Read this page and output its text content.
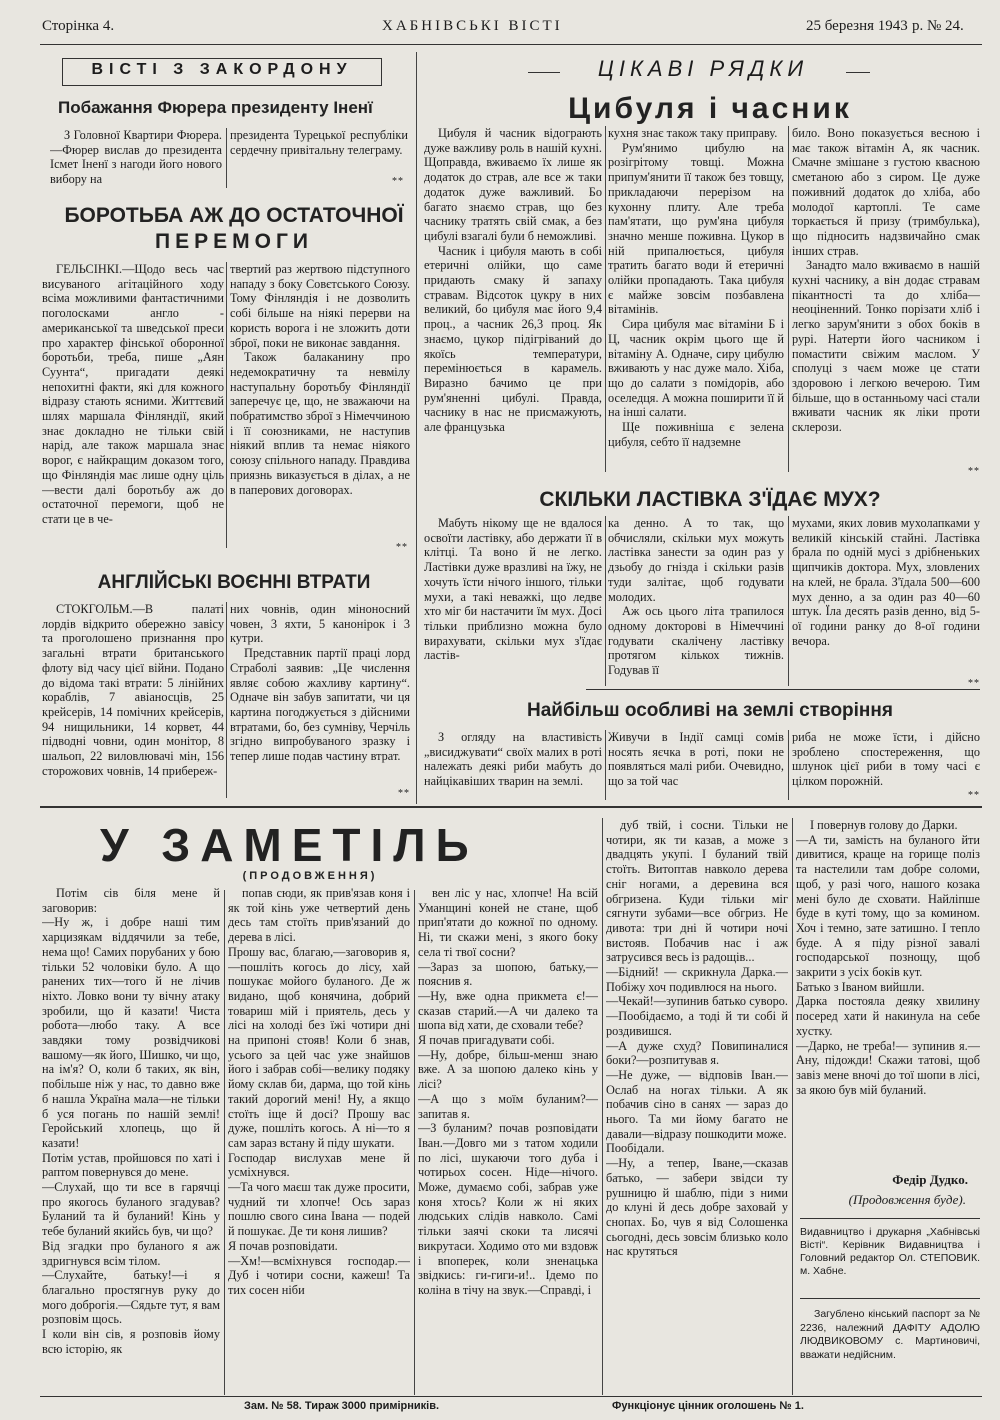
Сторінка 4.	ХАБНІВСЬКІ ВІСТІ	25 березня 1943 р. № 24.
ВІСТІ З ЗАКОРДОНУ
Побажання Фюрера президенту Іненї

З Головної Квартири Фюрера.—Фюрер вислав до президента Ісмет Іненї з нагоди його нового вибору на

президента Турецької республіки сердечну привітальну телеграму.

**
БОРОТЬБА АЖ ДО ОСТАТОЧНОЇ
ПЕРЕМОГИ

ГЕЛЬСІНКІ.—Щодо весь час висуваного агітаційного ходу всіма можливими фантастичними поголосками англо - американської та шведської преси про характер фінської оборонної боротьби, треба, пише „Аян Суунта“, пригадати деякі непохитні факти, які для кожного відразу стають ясними. Життєвий шлях маршала Фінляндії, який знає докладно не тільки свій нарід, але також маршала знає ворог, є найкращим доказом того, що Фінляндія має лише одну ціль—вести далі боротьбу аж до остаточної перемоги, щоб не стати це в че-

твертий раз жертвою підступного нападу з боку Совєтського Союзу. Тому Фінляндія і не дозволить собі більше на ніякі перерви на користь ворога і не зложить доти зброї, поки не виконає завдання.

Також балаканину про недемократичну та невмілу наступальну боротьбу Фінляндії заперечує це, що, не зважаючи на побратимство зброї з Німеччиною і її союзниками, не наступив ніякий вплив та немає ніякого союзу спільного нападу. Правдива приязнь виказується в ділах, а не в паперових договорах.

**
АНГЛІЙСЬКІ ВОЄННІ ВТРАТИ

СТОКГОЛЬМ.—В палаті лордів відкрито обережно завісу та проголошено признання про загальні втрати британського флоту від часу цієї війни. Подано до відома такі втрати: 5 лінійних кораблів, 7 авіаносців, 25 крейсерів, 14 помічних крейсерів, 94 нищильники, 14 корвет, 44 підводні човни, один монітор, 8 шальоп, 22 виловлювачі мін, 156 сторожових човнів, 14 прибереж-

них човнів, один міноносний човен, 3 яхти, 5 канонірок і 3 кутри.

Представник партії праці лорд Страболі заявив: „Це числення являє собою жахливу картину“. Одначе він забув запитати, чи ця картина погоджується з дійсними втратами, бо, без сумніву, Черчіль згідно випробуваного зразку і тепер лише подав частину втрат.

**
ЦІКАВІ РЯДКИ
Цибуля і часник

Цибуля й часник відограють дуже важливу роль в нашій кухні. Щоправда, вживаємо їх лише як додаток до страв, але все ж таки додаток дуже важливий. Бо багато знаємо страв, що без часнику тратять свій смак, а без цибулі взагалі були б неможливі.

Часник і цибуля мають в собі етеричні олійки, що саме придають смаку й запаху стравам. Відсоток цукру в них великий, бо цибуля має його 9,4 проц., а часник 26,3 проц. Як знаємо, цукор підігріваний до якоїсь температури, перемінюється в карамель. Виразно бачимо це при рум'яненні цибулі. Правда, часнику в нас не присмажують, але французька

кухня знає також таку приправу.

Рум'янимо цибулю на розігрітому товщі. Можна припум'янити її також без товщу, прикладаючи перерізом на кухонну плиту. Але треба пам'ятати, що рум'яна цибуля значно менше поживна. Цукор в ній припалюється, цибуля тратить багато води й етеричні олійки пропадають. Така цибуля є майже зовсім позбавлена вітамінів.

Сира цибуля має вітаміни Б і Ц, часник окрім цього ще й вітаміну А. Одначе, сиру цибулю вживають у нас дуже мало. Хіба, що до салати з помідорів, або оселедця. А можна поширити її й на інші салати.

Ще поживніша є зелена цибуля, себто її надземне

било. Воно показується весною і має також вітамін А, як часник. Смачне змішане з густою квасною сметаною або з сиром. Це дуже поживний додаток до хліба, або молодої картоплі. Те саме торкається й призу (тримбулька), що підносить надзвичайно смак інших страв.

Занадто мало вживаємо в нашій кухні часнику, а він додає стравам пікантності та до хліба—неоціненний. Тонко порізати хліб і легко зарум'янити з обох боків в рурі. Натерти його часником і помастити свіжим маслом. У сполуці з чаєм може це стати здоровою і легкою вечерою. Тим більше, що в останньому часі стали вживати часник як ліки проти склерози.

**
СКІЛЬКИ ЛАСТІВКА З'ЇДАЄ МУХ?

Мабуть нікому ще не вдалося освоїти ластівку, або держати її в клітці. Та воно й не легко. Ластівки дуже вразливі на їжу, не хочуть їсти нічого іншого, тільки мухи, а такі неважкі, що ледве хто міг би настачити їм мух. Досі тільки приблизно можна було вирахувати, скільки мух з'їдає ластів-

ка денно. А то так, що обчисляли, скільки мух можуть ластівка занести за один раз у дзьобу до гнізда і скільки разів туди залітає, щоб годувати молодих.

Аж ось цього літа трапилося одному докторові в Німеччині годувати скалічену ластівку протягом кількох тижнів. Годував її

мухами, яких ловив мухолапками у великій кінській стайні. Ластівка брала по одній мусі з дрібненьких щипчиків доктора. Мух, зловлених на клей, не брала. З'їдала 500—600 мух денно, а за один раз 40—60 штук. Їла десять разів денно, від 5-ої години ранку до 8-ої години вечора.

**
Найбільш особливі на землі створіння

З огляду на властивість „висиджувати“ своїх малих в роті належать деякі риби мабуть до найцікавіших тварин на землі.

Живучи в Індії самці сомів носять яєчка в роті, поки не появляться малі риби. Очевидно, що за той час

риба не може їсти, і дійсно зроблено спостереження, що шлунок цієї риби в тому часі є цілком порожній.

**
У ЗАМЕТІЛЬ
(ПРОДОВЖЕННЯ)

Потім сів біля мене й заговорив:
—Ну ж, і добре наші тим харцизякам віддячили за тебе, нема що! Самих порубаних у бою тільки 52 чоловіки було. А що ранених тих—того й не лічив ніхто. Ловко вони ту вічну атаку зробили, що й казати! Чиста робота—любо таку. А все завдяки тому розвідчикові вашому—як його, Шишко, чи що, на ім'я? О, коли б таких, як він, побільше ніж у нас, то давно вже б нашла Україна мала—не тільки б уся погань по нашій землі! Геройський хлопець, що й казати!
Потім устав, пройшовся по хаті і раптом повернувся до мене.
—Слухай, що ти все в гарячці про якогось буланого згадував? Буланий та й буланий! Кінь у тебе буланий якийсь був, чи що?
Від згадки про буланого я аж здригнувся всім тілом.
—Слухайте, батьку!—і я благально простягнув руку до мого доброгія.—Сядьте тут, я вам розповім щось.
І коли він сів, я розповів йому всю історію, як

попав сюди, як прив'язав коня і як той кінь уже четвертий день десь там стоїть прив'язаний до дерева в лісі.
Прошу вас, благаю,—заговорив я,—пошліть когось до лісу, хай пошукає мойого буланого. Де ж видано, щоб конячина, добрий товариш мій і приятель, десь у лісі на холоді без їжі чотири дні на припоні стояв! Коли б знав, усього за цей час уже знайшов його і забрав собі—велику подяку йому склав би, дарма, що той кінь такий дорогий мені! Ну, а якщо стоїть іще й досі? Прошу вас дуже, пошліть когось. А ні—то я сам зараз встану й піду шукати.
Господар вислухав мене й усміхнувся.
—Та чого маєш так дуже просити, чудний ти хлопче! Ось зараз пошлю свого сина Івана — подей й пошукає. Де ти коня лишив?
Я почав розповідати.
—Хм!—всміхнувся господар.—Дуб і чотири сосни, кажеш! Та тих сосен ніби

вен ліс у нас, хлопче! На всій Уманщині коней не стане, щоб прип'ятати до кожної по одному. Ні, ти скажи мені, з якого боку села ті твої сосни?
—Зараз за шопою, батьку,—пояснив я.
—Ну, вже одна прикмета є!—сказав старий.—А чи далеко та шопа від хати, де сховали тебе?
Я почав пригадувати собі.
—Ну, добре, більш-менш знаю вже. А за шопою далеко кінь у лісі?
—А що з моїм буланим?—запитав я.
—З буланим? почав розповідати Іван.—Довго ми з татом ходили по лісі, шукаючи того дуба і чотирьох сосен. Ніде—нічого. Може, думаємо собі, забрав уже коня хтось? Коли ж ні яких людських слідів навколо. Самі тільки заячі скоки та лисячі викрутаси. Ходимо ото ми вздовж і впоперек, коли зненацька звідкись: ги-гиги-и!.. Ідемо по коліна в тічу на звук.—Справді, і

дуб твій, і сосни. Тільки не чотири, як ти казав, а може з двадцять укупі. І буланий твій стоїть. Витоптав навколо дерева сніг ногами, а деревина вся обгризена. Куди тільки міг сягнути зубами—все обгриз. Не дивота: три дні й чотири ночі вистояв. Побачив нас і аж затрусився весь із радощів...
—Бідний! — скрикнула Дарка.—Побіжу хоч подивлюся на нього.
—Чекай!—зупинив батько суворо.—Пообідаємо, а тоді й ти собі й роздивишся.
—А дуже схуд? Повипиналися боки?—розпитував я.
—Не дуже, — відповів Іван.—Ослаб на ногах тільки. А як побачив сіно в санях — зараз до нього. Та ми йому багато не давали—відразу пошкодити може.
Пообідали.
—Ну, а тепер, Іване,—сказав батько, — забери звідси ту рушницю й шаблю, піди з ними до клуні й десь добре заховай у снопах. Бо, чув я від Солошенка сьогодні, десь зовсім близько коло нас крутяться

І повернув голову до Дарки.
—А ти, замість на буланого йти дивитися, краще на горище поліз та настелили там добре соломи, щоб, у разі чого, нашого козака мені було де сховати. Найліпше буде в куті тому, що за комином. Хоч і темно, зате затишно. І тепло буде. А я піду різної завалі господарської познощу, щоб закрити з усіх боків кут.
Батько з Іваном вийшли.
Дарка постояла деяку хвилину посеред хати й накинула на себе хустку.
—Дарко, не треба!— зупинив я.—Ану, підожди! Скажи татові, щоб завіз мене вночі до тої шопи в лісі, за якою був мій буланий.

Федір Дудко.
(Продовження буде).

Видавництво і друкарня „Хабнівські Вісті“. Керівник Видавництва і Головний редактор Ол. СТЕПОВИК. м. Хабне.

Загублено кінський паспорт за № 2236, належний ДАФІТУ АДОЛЮ ЛЮДВИКОВОМУ с. Мартиновичі, вважати недійсним.

Зам. № 58. Тираж 3000 примірників.	Функціонує цінник оголошень № 1.
